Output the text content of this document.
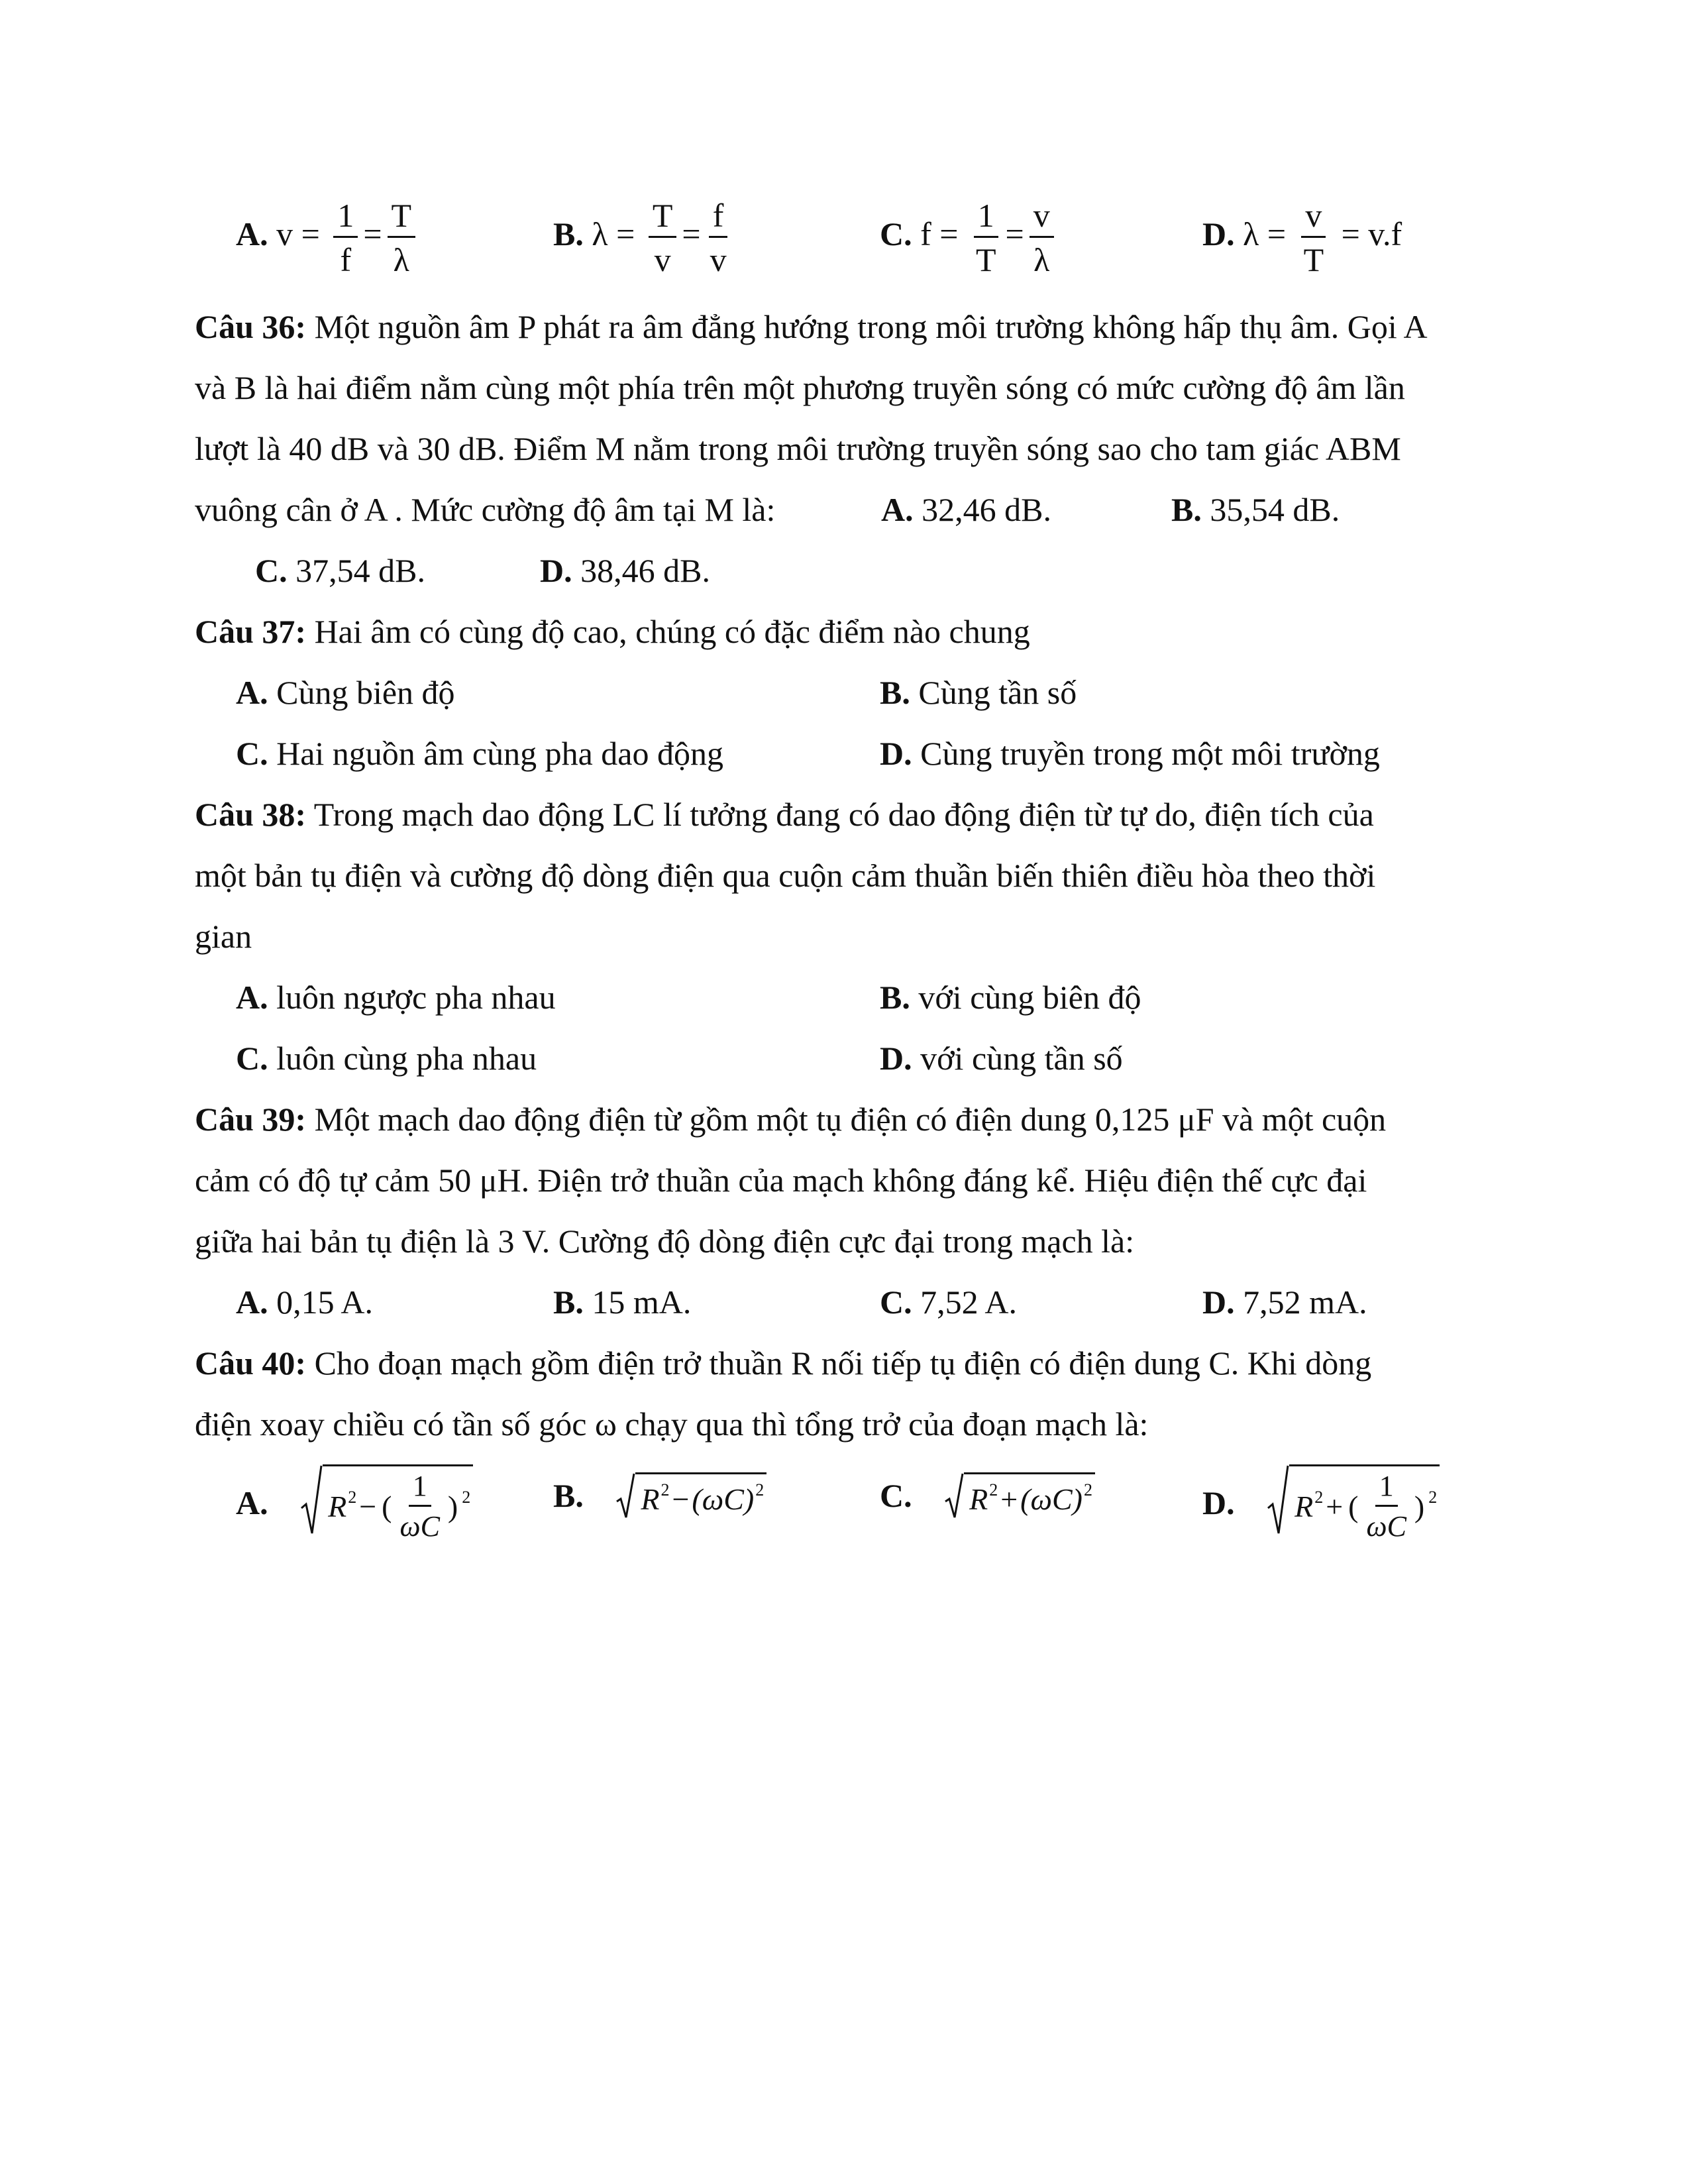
A. $v = \frac{1}{f} = \frac{T}{\lambda}$	B. $\lambda = \frac{T}{v} = \frac{f}{v}$	C. $f = \frac{1}{T} = \frac{v}{\lambda}$	D. $\lambda = \frac{v}{T} = v.f$
Câu 36: Một nguồn âm P phát ra âm đẳng hướng trong môi trường không hấp thụ âm. Gọi A
và B là hai điểm nằm cùng một phía trên một phương truyền sóng có mức cường độ âm lần
lượt là 40 dB và 30 dB. Điểm M nằm trong môi trường truyền sóng sao cho tam giác ABM
vuông cân ở A . Mức cường độ âm tại M là:	A. 32,46 dB.	B. 35,54 dB.
C. 37,54 dB.	D. 38,46 dB.
Câu 37: Hai âm có cùng độ cao, chúng có đặc điểm nào chung
A. Cùng biên độ	B. Cùng tần số
C. Hai nguồn âm cùng pha dao động	D. Cùng truyền trong một môi trường
Câu 38: Trong mạch dao động LC lí tưởng đang có dao động điện từ tự do, điện tích của
một bản tụ điện và cường độ dòng điện qua cuộn cảm thuần biến thiên điều hòa theo thời
gian
A. luôn ngược pha nhau	B. với cùng biên độ
C. luôn cùng pha nhau	D. với cùng tần số
Câu 39: Một mạch dao động điện từ gồm một tụ điện có điện dung 0,125 μF và một cuộn
cảm có độ tự cảm 50 μH. Điện trở thuần của mạch không đáng kể. Hiệu điện thế cực đại
giữa hai bản tụ điện là 3 V. Cường độ dòng điện cực đại trong mạch là:
A. 0,15 A.	B. 15 mA.	C. 7,52 A.	D. 7,52 mA.
Câu 40: Cho đoạn mạch gồm điện trở thuần R nối tiếp tụ điện có điện dung C. Khi dòng
điện xoay chiều có tần số góc ω chạy qua thì tổng trở của đoạn mạch là:
A. $R^2$ − ( $\frac{1}{\omega C} )^2$ B. $R^2$ − ( ωC )$^2$	C. $R^2$ + ( ωC )$^2$	D. $R^2$ + ( $\frac{1}{\omega C} )^2$
